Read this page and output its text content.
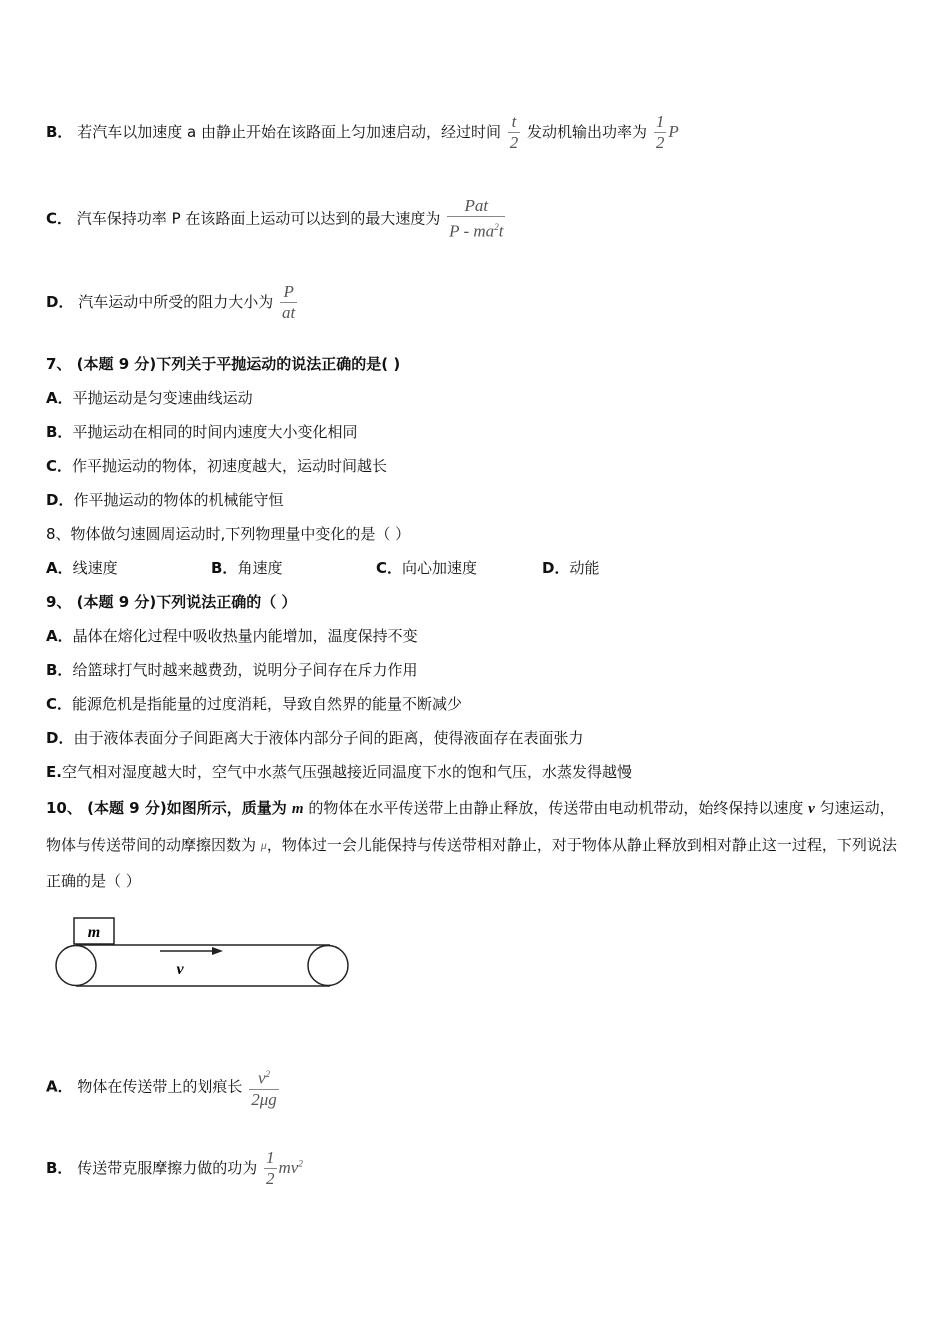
B． 若汽车以加速度 a 由静止开始在该路面上匀加速启动，经过时间 $\frac{t}{2}$ 发动机输出功率为 $\frac{1}{2}$ P
C． 汽车保持功率 P 在该路面上运动可以达到的最大速度为 $\frac{\text{Pat}}{P - ma^2t}$
D． 汽车运动中所受的阻力大小为 $\frac{P}{at}$
7、 (本题 9 分)下列关于平抛运动的说法正确的是( )
A．平抛运动是匀变速曲线运动
B．平抛运动在相同的时间内速度大小变化相同
C．作平抛运动的物体，初速度越大，运动时间越长
D．作平抛运动的物体的机械能守恒
8、物体做匀速圆周运动时,下列物理量中变化的是（ ）
A．线速度	B．角速度	C．向心加速度	D．动能
9、 (本题 9 分)下列说法正确的（ ）
A．晶体在熔化过程中吸收热量内能增加，温度保持不变
B．给篮球打气时越来越费劲，说明分子间存在斥力作用
C．能源危机是指能量的过度消耗，导致自然界的能量不断减少
D．由于液体表面分子间距离大于液体内部分子间的距离，使得液面存在表面张力
E.空气相对湿度越大时，空气中水蒸气压强越接近同温度下水的饱和气压，水蒸发得越慢
10、 (本题 9 分)如图所示，质量为 m 的物体在水平传送带上由静止释放，传送带由电动机带动，始终保持以速度 v 匀速运动，物体与传送带间的动摩擦因数为 $^\mu$，物体过一会儿能保持与传送带相对静止，对于物体从静止释放到相对静止这一过程，下列说法正确的是（ ）
m
v
A． 物体在传送带上的划痕长 $\frac{v^2}{2\mu g}$
B． 传送带克服摩擦力做的功为 $\frac{1}{2} mv^2$
